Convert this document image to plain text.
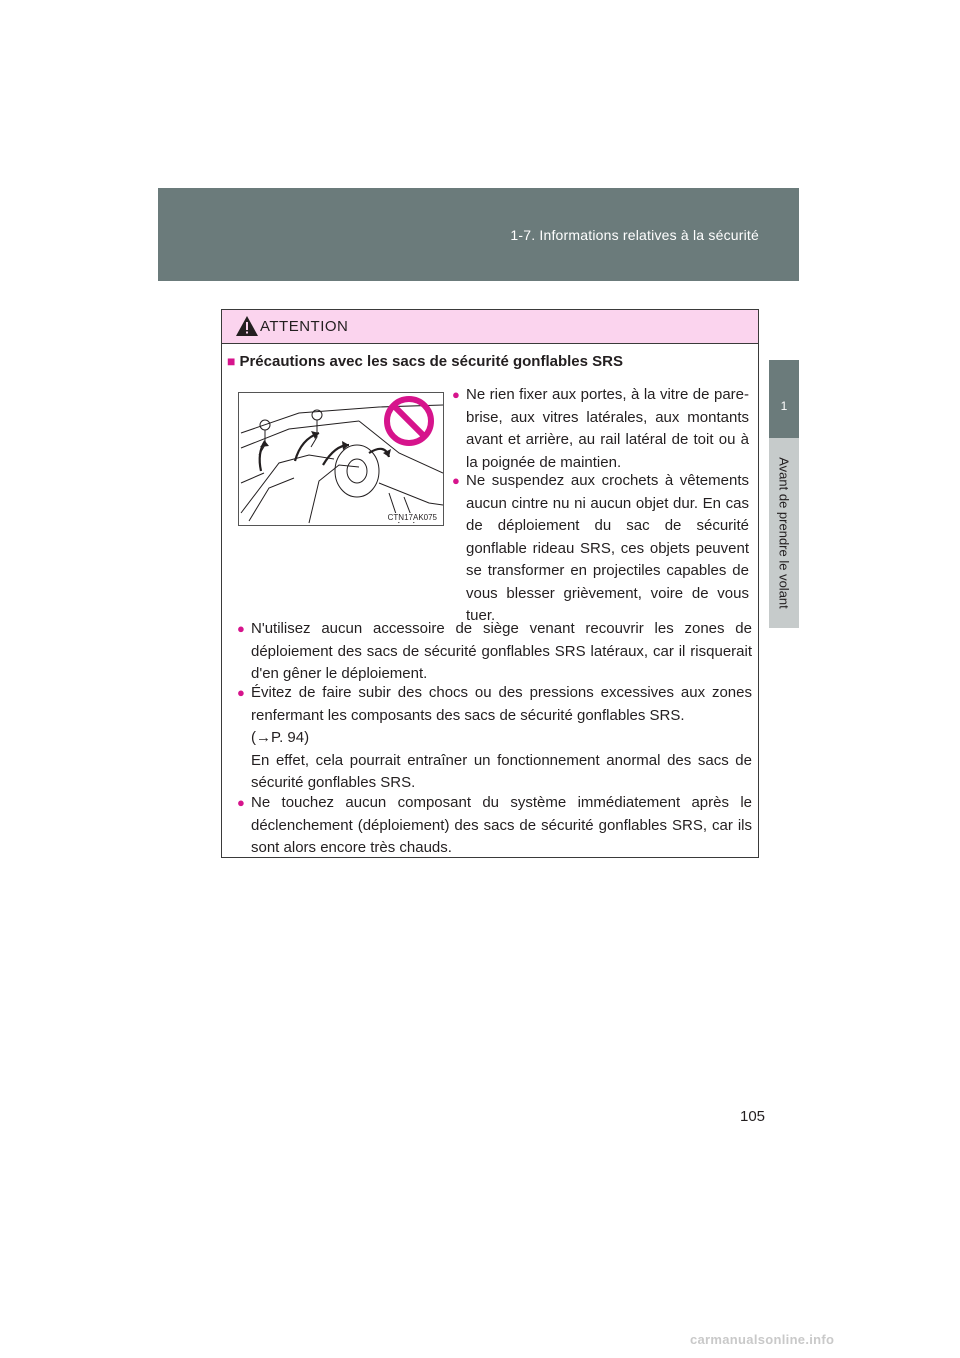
1-7. Informations relatives à la sécurité
1
Avant de prendre le volant
ATTENTION
■ Précautions avec les sacs de sécurité gonflables SRS
CTN17AK075
● Ne rien fixer aux portes, à la vitre de pare-brise, aux vitres latérales, aux montants avant et arrière, au rail latéral de toit ou à la poignée de maintien.
● Ne suspendez aux crochets à vêtements aucun cintre nu ni aucun objet dur. En cas de déploiement du sac de sécurité gonflable rideau SRS, ces objets peuvent se transformer en projectiles capables de vous blesser grièvement, voire de vous tuer.
● N'utilisez aucun accessoire de siège venant recouvrir les zones de déploiement des sacs de sécurité gonflables SRS latéraux, car il risquerait d'en gêner le déploiement.
● Évitez de faire subir des chocs ou des pressions excessives aux zones renfermant les composants des sacs de sécurité gonflables SRS.
(→P. 94)
En effet, cela pourrait entraîner un fonctionnement anormal des sacs de sécurité gonflables SRS.
● Ne touchez aucun composant du système immédiatement après le déclenchement (déploiement) des sacs de sécurité gonflables SRS, car ils sont alors encore très chauds.
105
carmanualsonline.info
